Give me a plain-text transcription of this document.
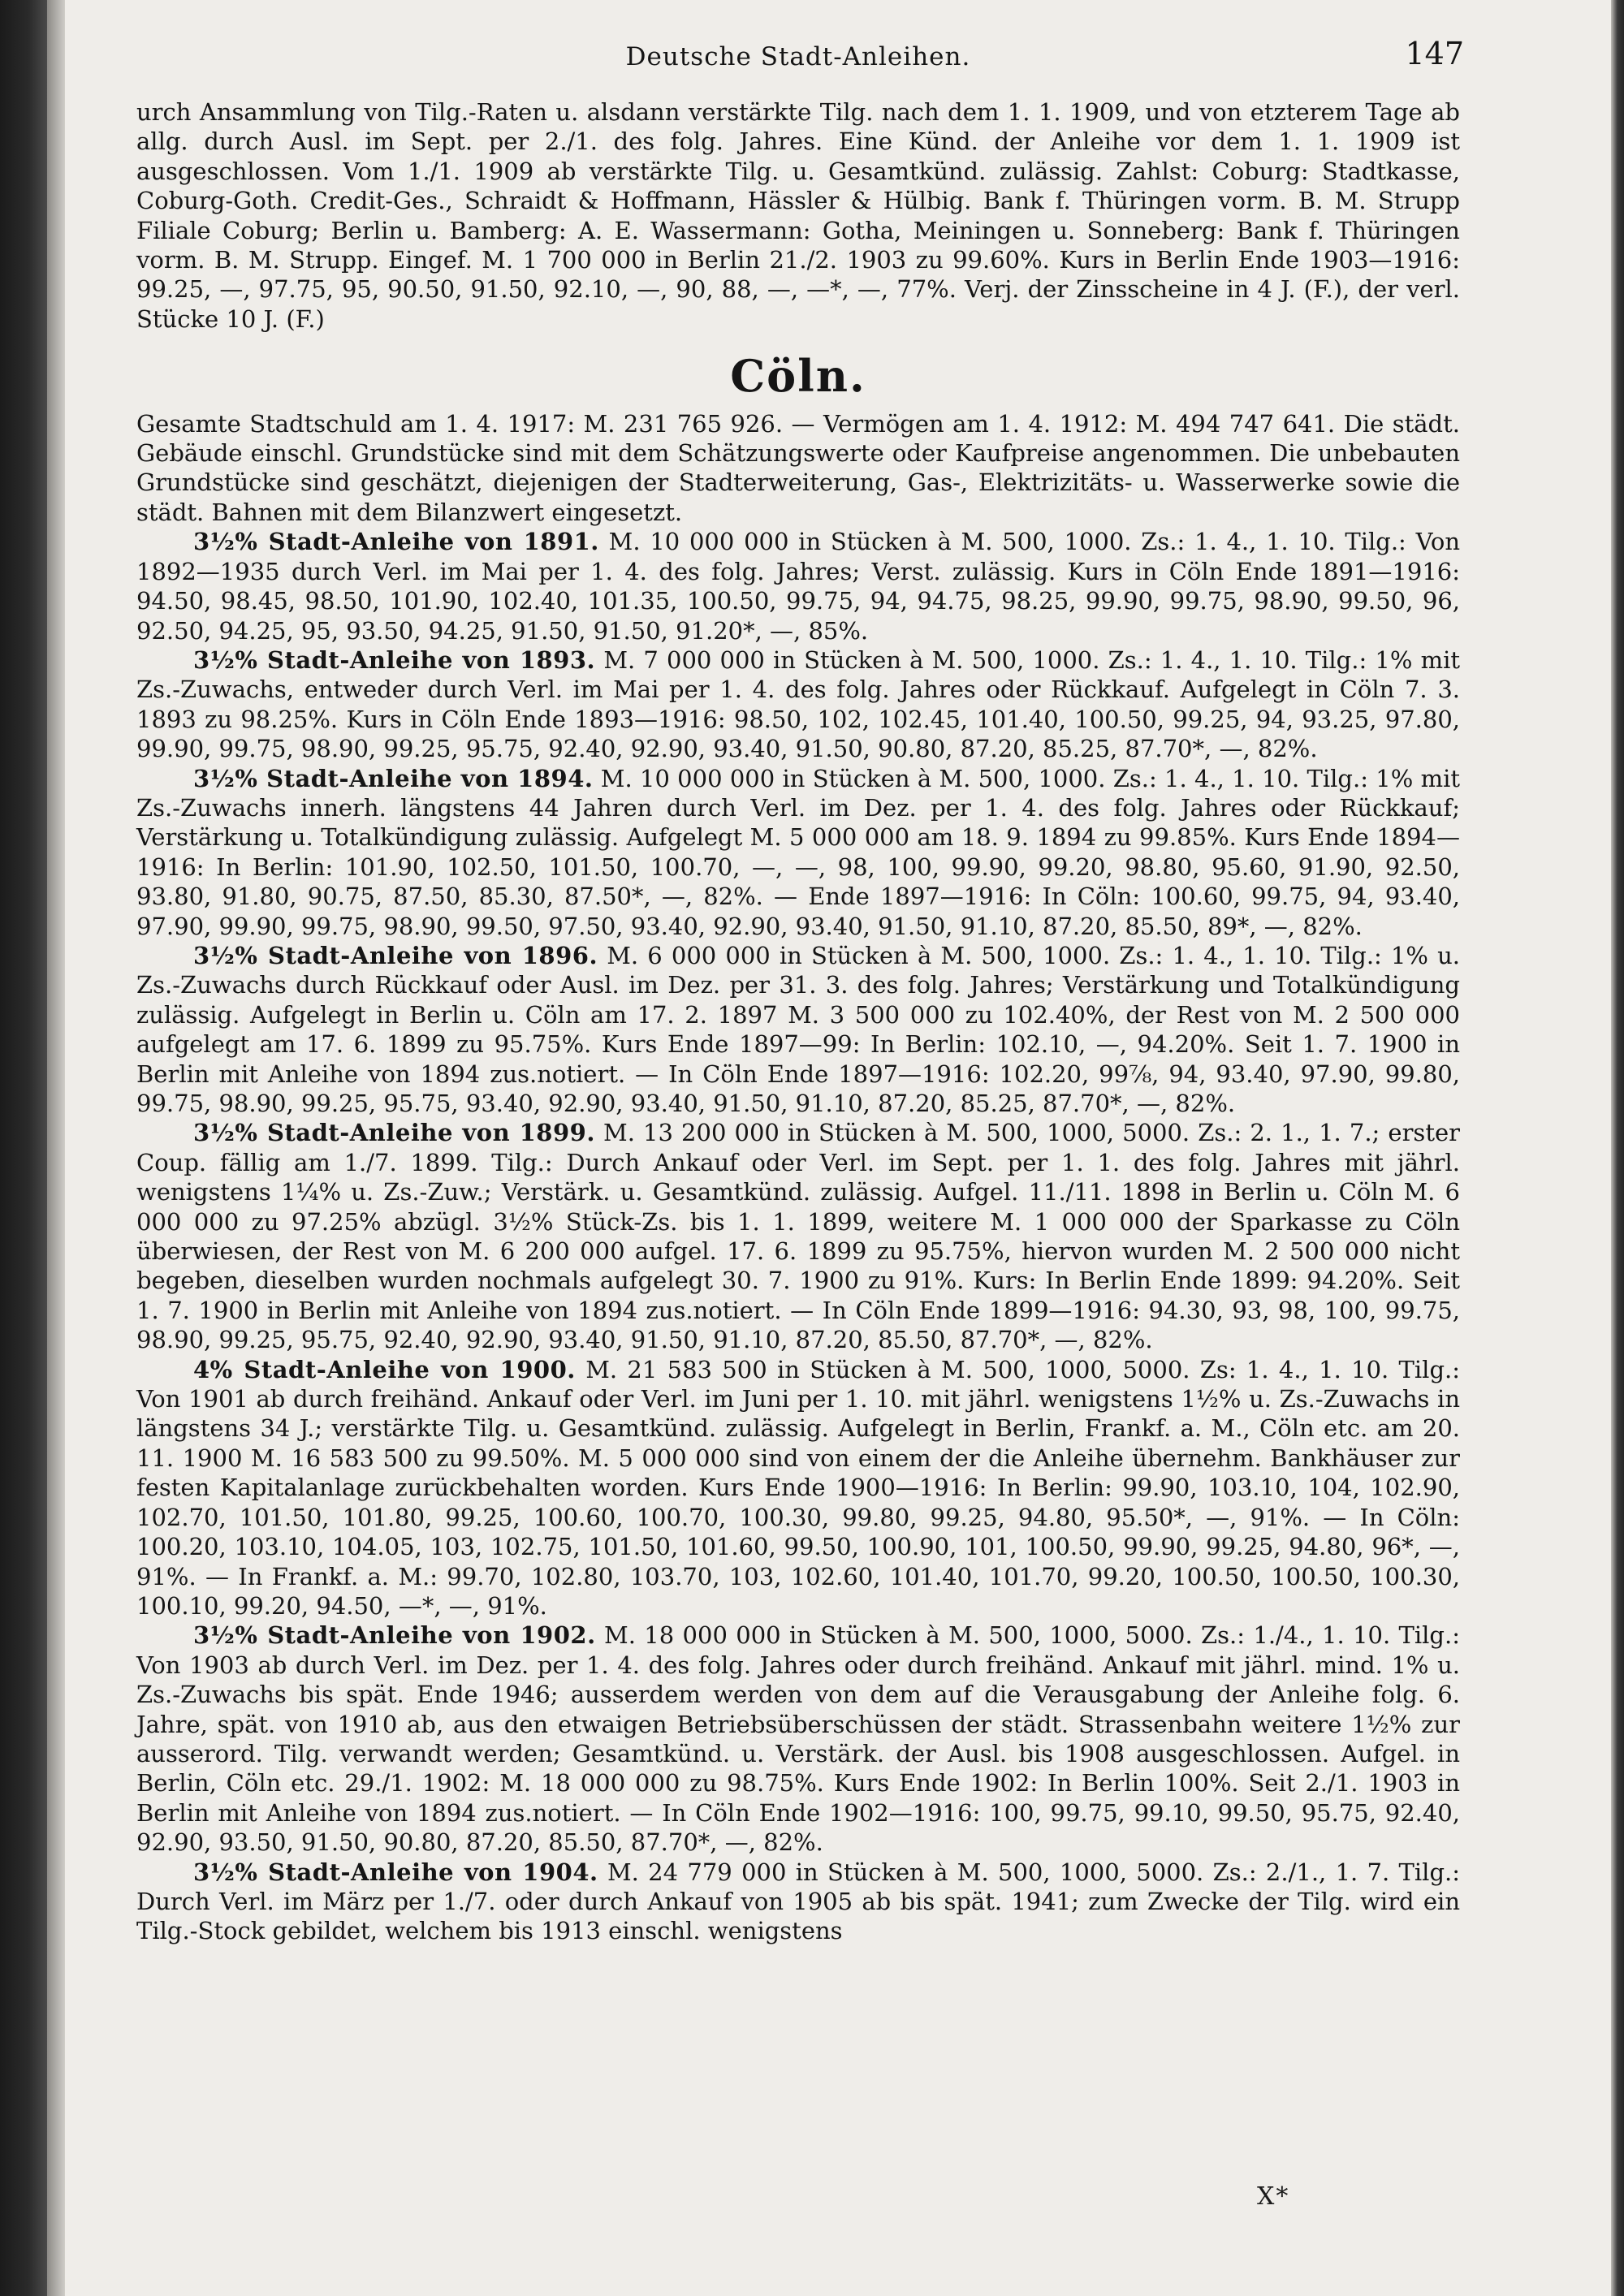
Deutsche Stadt-Anleihen.	147

urch Ansammlung von Tilg.-Raten u. alsdann verstärkte Tilg. nach dem 1. 1. 1909, und von etzterem Tage ab allg. durch Ausl. im Sept. per 2./1. des folg. Jahres. Eine Künd. der Anleihe vor dem 1. 1. 1909 ist ausgeschlossen. Vom 1./1. 1909 ab verstärkte Tilg. u. Gesamtkünd. zulässig. Zahlst: Coburg: Stadtkasse, Coburg-Goth. Credit-Ges., Schraidt & Hoffmann, Hässler & Hülbig. Bank f. Thüringen vorm. B. M. Strupp Filiale Coburg; Berlin u. Bamberg: A. E. Wassermann: Gotha, Meiningen u. Sonneberg: Bank f. Thüringen vorm. B. M. Strupp. Eingef. M. 1 700 000 in Berlin 21./2. 1903 zu 99.60%. Kurs in Berlin Ende 1903—1916: 99.25, —, 97.75, 95, 90.50, 91.50, 92.10, —, 90, 88, —, —*, —, 77%. Verj. der Zinsscheine in 4 J. (F.), der verl. Stücke 10 J. (F.)

Cöln.

Gesamte Stadtschuld am 1. 4. 1917: M. 231 765 926. — Vermögen am 1. 4. 1912: M. 494 747 641. Die städt. Gebäude einschl. Grundstücke sind mit dem Schätzungswerte oder Kaufpreise angenommen. Die unbebauten Grundstücke sind geschätzt, diejenigen der Stadterweiterung, Gas-, Elektrizitäts- u. Wasserwerke sowie die städt. Bahnen mit dem Bilanzwert eingesetzt.

3½% Stadt-Anleihe von 1891. M. 10 000 000 in Stücken à M. 500, 1000. Zs.: 1. 4., 1. 10. Tilg.: Von 1892—1935 durch Verl. im Mai per 1. 4. des folg. Jahres; Verst. zulässig. Kurs in Cöln Ende 1891—1916: 94.50, 98.45, 98.50, 101.90, 102.40, 101.35, 100.50, 99.75, 94, 94.75, 98.25, 99.90, 99.75, 98.90, 99.50, 96, 92.50, 94.25, 95, 93.50, 94.25, 91.50, 91.50, 91.20*, —, 85%.

3½% Stadt-Anleihe von 1893. M. 7 000 000 in Stücken à M. 500, 1000. Zs.: 1. 4., 1. 10. Tilg.: 1% mit Zs.-Zuwachs, entweder durch Verl. im Mai per 1. 4. des folg. Jahres oder Rückkauf. Aufgelegt in Cöln 7. 3. 1893 zu 98.25%. Kurs in Cöln Ende 1893—1916: 98.50, 102, 102.45, 101.40, 100.50, 99.25, 94, 93.25, 97.80, 99.90, 99.75, 98.90, 99.25, 95.75, 92.40, 92.90, 93.40, 91.50, 90.80, 87.20, 85.25, 87.70*, —, 82%.

3½% Stadt-Anleihe von 1894. M. 10 000 000 in Stücken à M. 500, 1000. Zs.: 1. 4., 1. 10. Tilg.: 1% mit Zs.-Zuwachs innerh. längstens 44 Jahren durch Verl. im Dez. per 1. 4. des folg. Jahres oder Rückkauf; Verstärkung u. Totalkündigung zulässig. Aufgelegt M. 5 000 000 am 18. 9. 1894 zu 99.85%. Kurs Ende 1894—1916: In Berlin: 101.90, 102.50, 101.50, 100.70, —, —, 98, 100, 99.90, 99.20, 98.80, 95.60, 91.90, 92.50, 93.80, 91.80, 90.75, 87.50, 85.30, 87.50*, —, 82%. — Ende 1897—1916: In Cöln: 100.60, 99.75, 94, 93.40, 97.90, 99.90, 99.75, 98.90, 99.50, 97.50, 93.40, 92.90, 93.40, 91.50, 91.10, 87.20, 85.50, 89*, —, 82%.

3½% Stadt-Anleihe von 1896. M. 6 000 000 in Stücken à M. 500, 1000. Zs.: 1. 4., 1. 10. Tilg.: 1% u. Zs.-Zuwachs durch Rückkauf oder Ausl. im Dez. per 31. 3. des folg. Jahres; Verstärkung und Totalkündigung zulässig. Aufgelegt in Berlin u. Cöln am 17. 2. 1897 M. 3 500 000 zu 102.40%, der Rest von M. 2 500 000 aufgelegt am 17. 6. 1899 zu 95.75%. Kurs Ende 1897—99: In Berlin: 102.10, —, 94.20%. Seit 1. 7. 1900 in Berlin mit Anleihe von 1894 zus.notiert. — In Cöln Ende 1897—1916: 102.20, 99⅞, 94, 93.40, 97.90, 99.80, 99.75, 98.90, 99.25, 95.75, 93.40, 92.90, 93.40, 91.50, 91.10, 87.20, 85.25, 87.70*, —, 82%.

3½% Stadt-Anleihe von 1899. M. 13 200 000 in Stücken à M. 500, 1000, 5000. Zs.: 2. 1., 1. 7.; erster Coup. fällig am 1./7. 1899. Tilg.: Durch Ankauf oder Verl. im Sept. per 1. 1. des folg. Jahres mit jährl. wenigstens 1¼% u. Zs.-Zuw.; Verstärk. u. Gesamtkünd. zulässig. Aufgel. 11./11. 1898 in Berlin u. Cöln M. 6 000 000 zu 97.25% abzügl. 3½% Stück-Zs. bis 1. 1. 1899, weitere M. 1 000 000 der Sparkasse zu Cöln überwiesen, der Rest von M. 6 200 000 aufgel. 17. 6. 1899 zu 95.75%, hiervon wurden M. 2 500 000 nicht begeben, dieselben wurden nochmals aufgelegt 30. 7. 1900 zu 91%. Kurs: In Berlin Ende 1899: 94.20%. Seit 1. 7. 1900 in Berlin mit Anleihe von 1894 zus.notiert. — In Cöln Ende 1899—1916: 94.30, 93, 98, 100, 99.75, 98.90, 99.25, 95.75, 92.40, 92.90, 93.40, 91.50, 91.10, 87.20, 85.50, 87.70*, —, 82%.

4% Stadt-Anleihe von 1900. M. 21 583 500 in Stücken à M. 500, 1000, 5000. Zs: 1. 4., 1. 10. Tilg.: Von 1901 ab durch freihänd. Ankauf oder Verl. im Juni per 1. 10. mit jährl. wenigstens 1½% u. Zs.-Zuwachs in längstens 34 J.; verstärkte Tilg. u. Gesamtkünd. zulässig. Aufgelegt in Berlin, Frankf. a. M., Cöln etc. am 20. 11. 1900 M. 16 583 500 zu 99.50%. M. 5 000 000 sind von einem der die Anleihe übernehm. Bankhäuser zur festen Kapitalanlage zurückbehalten worden. Kurs Ende 1900—1916: In Berlin: 99.90, 103.10, 104, 102.90, 102.70, 101.50, 101.80, 99.25, 100.60, 100.70, 100.30, 99.80, 99.25, 94.80, 95.50*, —, 91%. — In Cöln: 100.20, 103.10, 104.05, 103, 102.75, 101.50, 101.60, 99.50, 100.90, 101, 100.50, 99.90, 99.25, 94.80, 96*, —, 91%. — In Frankf. a. M.: 99.70, 102.80, 103.70, 103, 102.60, 101.40, 101.70, 99.20, 100.50, 100.50, 100.30, 100.10, 99.20, 94.50, —*, —, 91%.

3½% Stadt-Anleihe von 1902. M. 18 000 000 in Stücken à M. 500, 1000, 5000. Zs.: 1./4., 1. 10. Tilg.: Von 1903 ab durch Verl. im Dez. per 1. 4. des folg. Jahres oder durch freihänd. Ankauf mit jährl. mind. 1% u. Zs.-Zuwachs bis spät. Ende 1946; ausserdem werden von dem auf die Verausgabung der Anleihe folg. 6. Jahre, spät. von 1910 ab, aus den etwaigen Betriebsüberschüssen der städt. Strassenbahn weitere 1½% zur ausserord. Tilg. verwandt werden; Gesamtkünd. u. Verstärk. der Ausl. bis 1908 ausgeschlossen. Aufgel. in Berlin, Cöln etc. 29./1. 1902: M. 18 000 000 zu 98.75%. Kurs Ende 1902: In Berlin 100%. Seit 2./1. 1903 in Berlin mit Anleihe von 1894 zus.notiert. — In Cöln Ende 1902—1916: 100, 99.75, 99.10, 99.50, 95.75, 92.40, 92.90, 93.50, 91.50, 90.80, 87.20, 85.50, 87.70*, —, 82%.

3½% Stadt-Anleihe von 1904. M. 24 779 000 in Stücken à M. 500, 1000, 5000. Zs.: 2./1., 1. 7. Tilg.: Durch Verl. im März per 1./7. oder durch Ankauf von 1905 ab bis spät. 1941; zum Zwecke der Tilg. wird ein Tilg.-Stock gebildet, welchem bis 1913 einschl. wenigstens

X*
